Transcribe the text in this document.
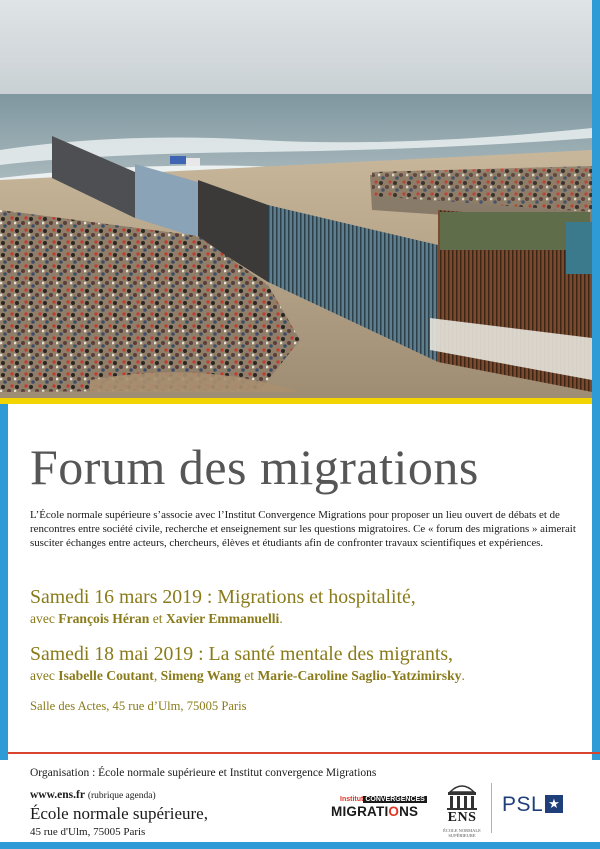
Forum des migrations

L’École normale supérieure s’associe avec l’Institut Convergence Migrations pour proposer un lieu ouvert de débats et de rencontres entre société civile, recherche et enseignement sur les questions migratoires. Ce « forum des migrations » aimerait susciter échanges entre acteurs, chercheurs, élèves et étudiants afin de confronter travaux scientifiques et expériences.

Samedi 16 mars 2019 : Migrations et hospitalité,

avec François Héran et Xavier Emmanuelli.

Samedi 18 mai 2019 : La santé mentale des migrants,

avec Isabelle Coutant, Simeng Wang et Marie-Caroline Saglio-Yatzimirsky.

Salle des Actes, 45 rue d’Ulm, 75005 Paris

Organisation : École normale supérieure et Institut convergence Migrations

www.ens.fr (rubrique agenda)

École normale supérieure,

45 rue d'Ulm, 75005 Paris

Institut CONVERGENCES
MIGRATIONS	ENS
ÉCOLE NORMALE
SUPÉRIEURE
PSL ★
